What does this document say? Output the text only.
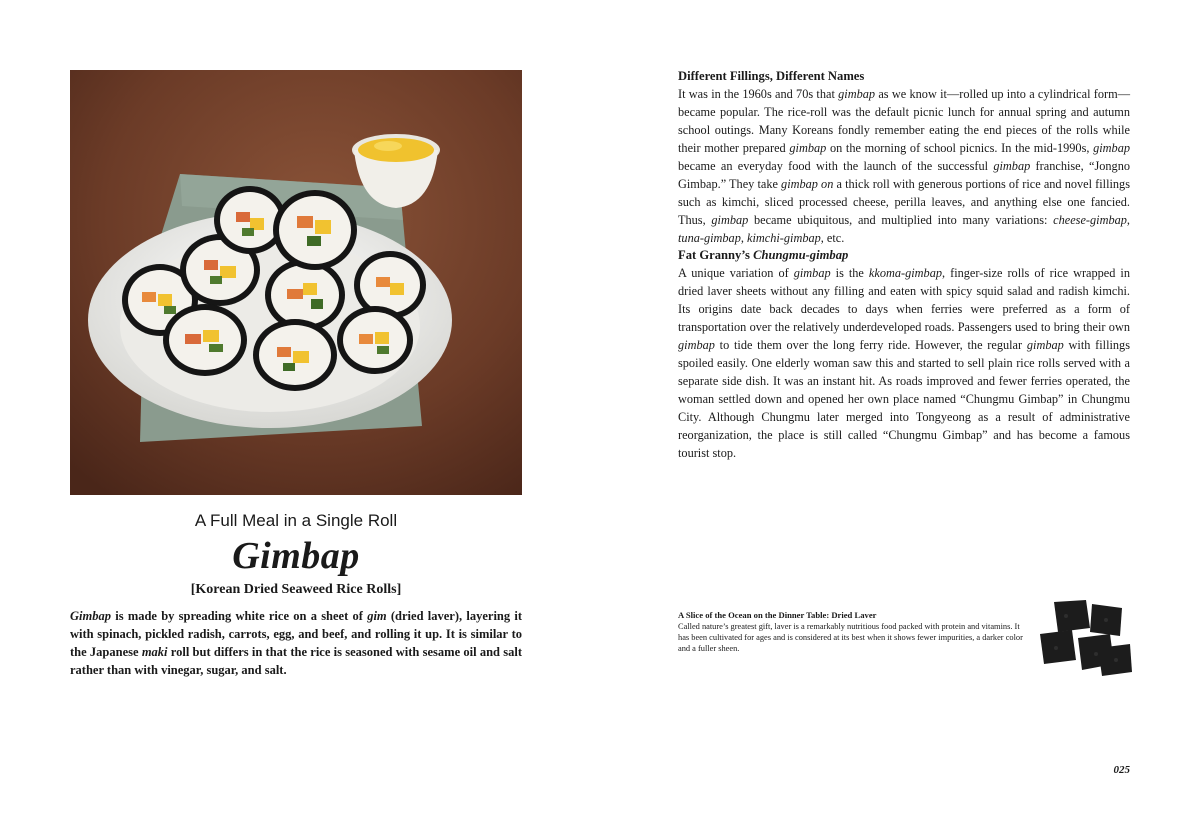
A Full Meal in a Single Roll
Gimbap
[Korean Dried Seaweed Rice Rolls]

Gimbap is made by spreading white rice on a sheet of gim (dried laver), layering it with spinach, pickled radish, carrots, egg, and beef, and rolling it up. It is similar to the Japanese maki roll but differs in that the rice is seasoned with sesame oil and salt rather than with vinegar, sugar, and salt.

Different Fillings, Different Names

It was in the 1960s and 70s that gimbap as we know it—rolled up into a cylindrical form— became popular. The rice-roll was the default picnic lunch for annual spring and autumn school outings. Many Koreans fondly remember eating the end pieces of the rolls while their mother prepared gimbap on the morning of school picnics. In the mid-1990s, gimbap became an everyday food with the launch of the successful gimbap franchise, “Jongno Gimbap.” They take gimbap on a thick roll with generous portions of rice and novel fillings such as kimchi, sliced processed cheese, perilla leaves, and anything else one fancied. Thus, gimbap became ubiquitous, and multiplied into many variations: cheese-gimbap, tuna-gimbap, kimchi-gimbap, etc.

Fat Granny’s Chungmu-gimbap

A unique variation of gimbap is the kkoma-gimbap, finger-size rolls of rice wrapped in dried laver sheets without any filling and eaten with spicy squid salad and radish kimchi. Its origins date back decades to days when ferries were preferred as a form of transportation over the relatively underdeveloped roads. Passengers used to bring their own gimbap to tide them over the long ferry ride. However, the regular gimbap with fillings spoiled easily. One elderly woman saw this and started to sell plain rice rolls served with a separate side dish. It was an instant hit. As roads improved and fewer ferries operated, the woman settled down and opened her own place named “Chungmu Gimbap” in Chungmu City. Although Chungmu later merged into Tongyeong as a result of administrative reorganization, the place is still called “Chungmu Gimbap” and has become a famous tourist stop.

A Slice of the Ocean on the Dinner Table: Dried Laver

Called nature’s greatest gift, laver is a remarkably nutritious food packed with protein and vitamins. It has been cultivated for ages and is considered at its best when it shows fewer impurities, a darker color and a fuller sheen.

025
